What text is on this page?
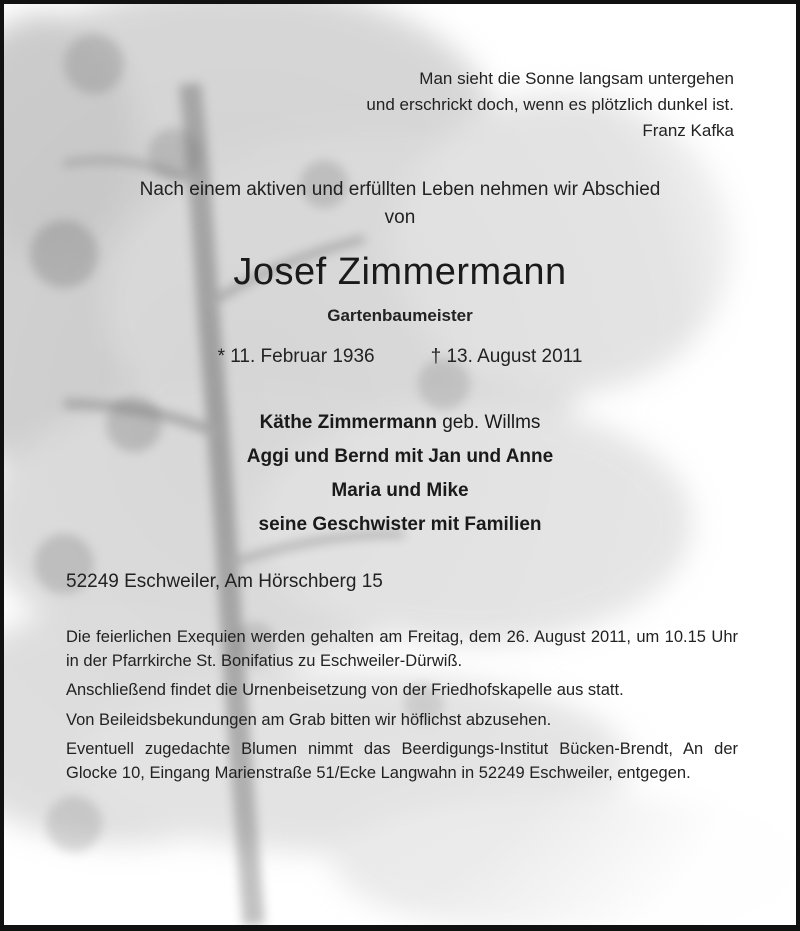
Man sieht die Sonne langsam untergehen
und erschrickt doch, wenn es plötzlich dunkel ist.
Franz Kafka
Nach einem aktiven und erfüllten Leben nehmen wir Abschied
von
Josef Zimmermann
Gartenbaumeister
* 11. Februar 1936	† 13. August 2011
Käthe Zimmermann geb. Willms
Aggi und Bernd mit Jan und Anne
Maria und Mike
seine Geschwister mit Familien
52249 Eschweiler, Am Hörschberg 15

Die feierlichen Exequien werden gehalten am Freitag, dem 26. August 2011, um 10.15 Uhr in der Pfarrkirche St. Bonifatius zu Eschweiler-Dürwiß.

Anschließend findet die Urnenbeisetzung von der Friedhofskapelle aus statt.

Von Beileidsbekundungen am Grab bitten wir höflichst abzusehen.

Eventuell zugedachte Blumen nimmt das Beerdigungs-Institut Bücken-Brendt, An der Glocke 10, Eingang Marienstraße 51/Ecke Langwahn in 52249 Eschweiler, entgegen.
